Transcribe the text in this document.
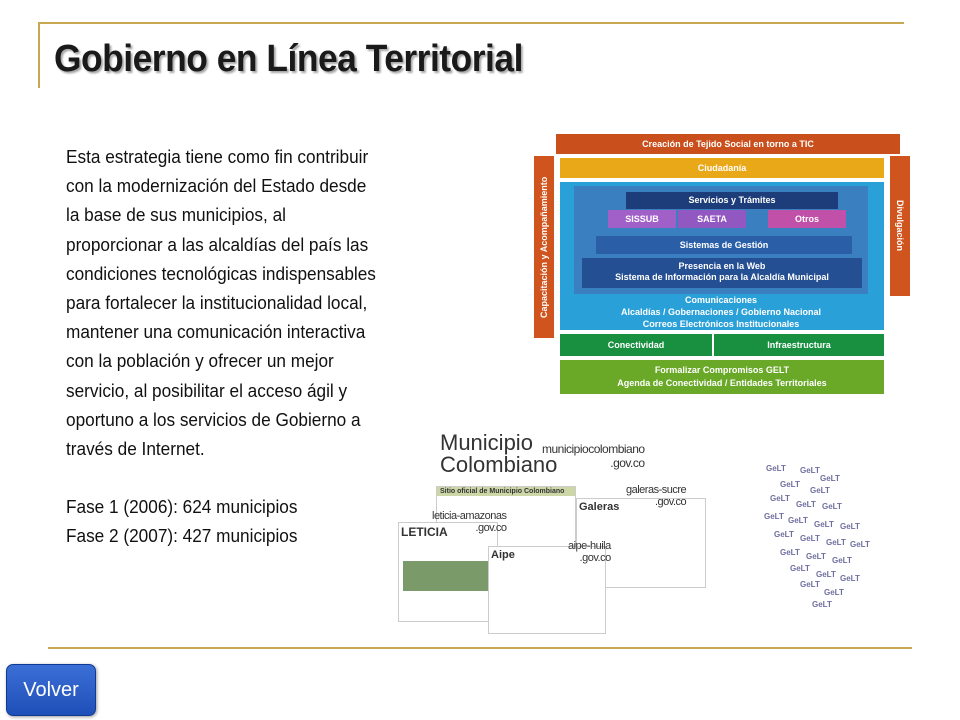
Gobierno en Línea Territorial

Esta estrategia tiene como fin contribuir con la modernización del Estado desde la base de sus municipios, al proporcionar a las alcaldías del país las condiciones tecnológicas indispensables para fortalecer la institucionalidad local, mantener una comunicación interactiva con la población y ofrecer un mejor servicio, al posibilitar el acceso ágil y oportuno a los servicios de Gobierno a través de Internet.

Fase 1 (2006): 624 municipios

Fase 2 (2007): 427 municipios

Creación de Tejido Social en torno a TIC
Capacitación y Acompañamiento	Divulgación
Ciudadanía
Servicios y Trámites
SISSUB	SAETA	Otros
Sistemas de Gestión
Presencia en la Web
Sistema de Información para la Alcaldía Municipal
Comunicaciones
Alcaldías / Gobernaciones / Gobierno Nacional
Correos Electrónicos Institucionales
Conectividad	Infraestructura
Formalizar Compromisos GELT
Agenda de Conectividad / Entidades Territoriales
Municipio
Colombiano
municipiocolombiano
.gov.co
Sitio oficial de Municipio Colombiano
Galeras
galeras-sucre
.gov.co
LETICIA
leticia-amazonas
.gov.co
Aipe
aipe-huila
.gov.co
GeLT GeLT
GeLT
GeLT
GeLT
GeLT
GeLT GeLT
GeLT GeLT GeLT GeLT
GeLT GeLT GeLT GeLT
GeLT GeLT GeLT
GeLT
GeLT GeLT
GeLT
GeLT
GeLT
Volver
